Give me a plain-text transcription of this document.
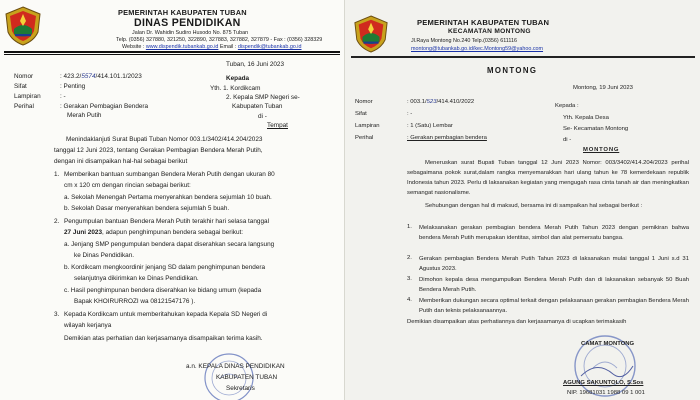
PEMERINTAH KABUPATEN TUBAN
DINAS PENDIDIKAN
Jalan Dr. Wahidin Sudiro Husodo No. 875 Tuban
Telp. (0356) 327880, 321250, 322890, 327883, 327882, 327879 - Fax : (0356) 328329
Website : www.dispendik.tubankab.go.id Email : dispendik@tubankab.go.id
Tuban, 16 Juni 2023
Nomor	: 423.2/5574/414.101.1/2023
Sifat	: Penting
Lampiran	: -
Perihal	: Gerakan Pembagian Bendera
Merah Putih
Kepada
Yth. 1. Kordikcam
2. Kepala SMP Negeri se-
Kabupaten Tuban
di -
Tempat
Menindaklanjuti Surat Bupati Tuban Nomor 003.1/3402/414.204/2023
tanggal 12 Juni 2023, tentang Gerakan Pembagian Bendera Merah Putih,
dengan ini disampaikan hal-hal sebagai berikut
1. Memberikan bantuan sumbangan Bendera Merah Putih dengan ukuran 80
cm x 120 cm dengan rincian sebagai berikut:
a. Sekolah Menengah Pertama menyerahkan bendera sejumlah 10 buah.
b. Sekolah Dasar menyerahkan bendera sejumlah 5 buah.
2. Pengumpulan bantuan Bendera Merah Putih terakhir hari selasa tanggal
27 Juni 2023, adapun penghimpunan bendera sebagai berikut:
a. Jenjang SMP pengumpulan bendera dapat diserahkan secara langsung
ke Dinas Pendidikan.
b. Kordikcam mengkoordinir jenjang SD dalam penghimpunan bendera
selanjutnya dikirimkan ke Dinas Pendidikan.
c. Hasil penghimpunan bendera diserahkan ke bidang umum (kepada
Bapak KHOIRURROZI wa 08121547176 ).
3. Kepada Kordikcam untuk memberitahukan kepada Kepala SD Negeri di
wilayah kerjanya
Demikian atas perhatian dan kerjasamanya disampaikan terima kasih.
a.n. KEPALA DINAS PENDIDIKAN
KABUPATEN TUBAN
Sekretaris
PEMERINTAH KABUPATEN TUBAN
KECAMATAN MONTONG
Jl.Raya Montong No.240 Telp.(0356) 611116
montong@tubankab.go.id/kec.Montong59@yahoo.com
MONTONG
Montong, 19 Juni 2023
Nomor	: 003.1/523/414.410/2022
Sifat	: -
Lampiran	: 1 (Satu) Lembar
Perihal	: Gerakan pembagian bendera
Kepada :
Yth. Kepala Desa
Se- Kecamatan Montong
di -
MONTONG
Meneruskan surat Bupati Tuban tanggal 12 Juni 2023 Nomor: 003/3402/414.204/2023 perihal sebagaimana pokok surat,dalam rangka menyemarakkan hari ulang tahun ke 78 kemerdekaan republik Indonesia tahun 2023. Perlu di laksanakan kegiatan yang mengugah rasa cinta tanah air dan meningkatkan semangat nasionalisme.
Sehubungan dengan hal di maksud, bersama ini di sampaikan hal sebagai berikut :
1. Melaksanakan gerakan pembagian bendera Merah Putih Tahun 2023 dengan pemikiran bahwa bendera Merah Putih merupakan identitas, simbol dan alat pemersatu bangsa.
2. Gerakan pembagian Bendera Merah Putih Tahun 2023 di laksanakan mulai tanggal 1 Juni s.d 31 Agustus 2023.
3. Dimohon kepala desa mengumpulkan Bendera Merah Putih dan di laksanakan sebanyak 50 Buah Bendera Merah Putih.
4. Memberikan dukungan secara optimal terkait dengan pelaksanaan gerakan pembagian Bendera Merah Putih dan teknis pelaksanaannya.
Demikian disampaikan atas perhatiannya dan kerjasamanya di ucapkan terimakasih
CAMAT MONTONG
AGUNG SAKUNTOLO, S.Sos
NIP. 19681031 1988 09 1 001
